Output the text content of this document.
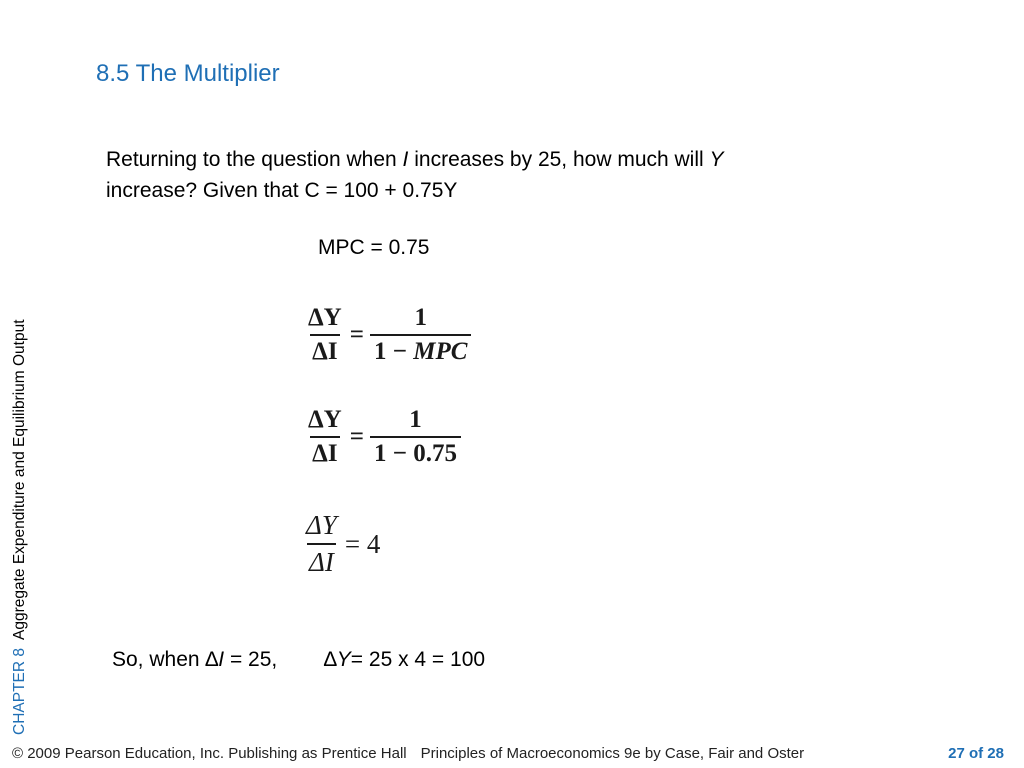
8.5 The Multiplier
CHAPTER 8Aggregate Expenditure and Equilibrium Output
Returning to the question when I increases by 25, how much will Y
increase? Given that C = 100 + 0.75Y
MPC = 0.75
$\frac{\Delta Y}{\Delta I} = \frac{1}{\text{1 − MPC}}$
$\frac{\Delta Y}{\Delta I} = \frac{1}{1 - 0.75}$
$\frac{\Delta Y}{\Delta I} = 4$
So, when ∆I = 25,        ∆Y= 25 x 4 = 100
© 2009 Pearson Education, Inc. Publishing as Prentice Hall Principles of Macroeconomics 9e by Case, Fair and Oster	27 of 28
